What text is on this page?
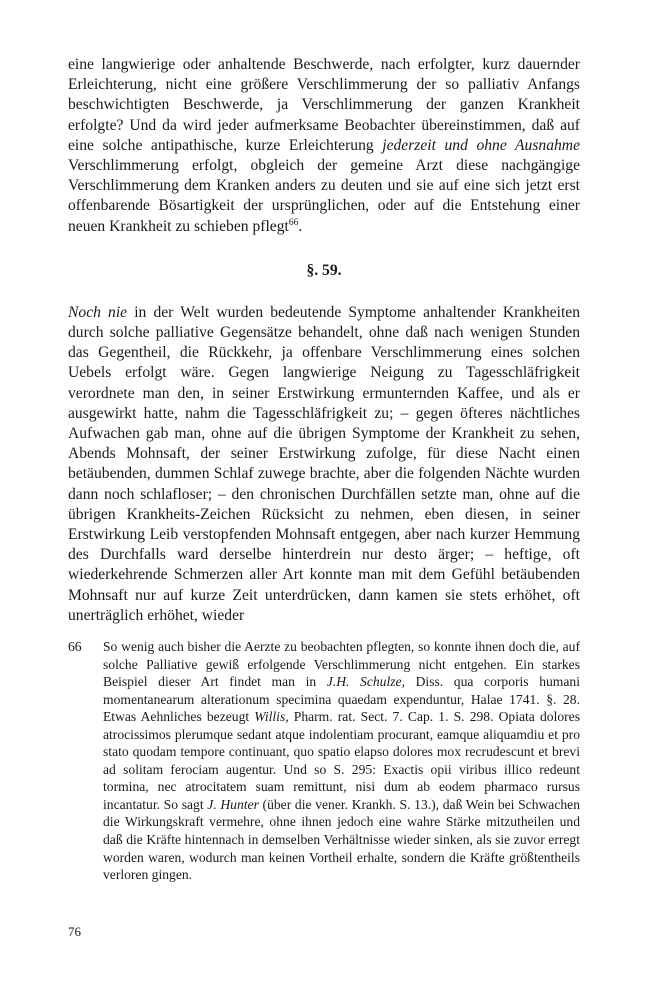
eine langwierige oder anhaltende Beschwerde, nach erfolgter, kurz dauernder Erleichterung, nicht eine größere Verschlimmerung der so palliativ Anfangs beschwichtigten Beschwerde, ja Verschlimmerung der ganzen Krankheit erfolgte? Und da wird jeder aufmerksame Beobachter übereinstimmen, daß auf eine solche antipathische, kurze Erleichterung jederzeit und ohne Ausnahme Verschlimmerung erfolgt, obgleich der gemeine Arzt diese nachgängige Verschlimmerung dem Kranken anders zu deuten und sie auf eine sich jetzt erst offenbarende Bösartigkeit der ursprünglichen, oder auf die Entstehung einer neuen Krankheit zu schieben pflegt$^{66}$.

§. 59.

Noch nie in der Welt wurden bedeutende Symptome anhaltender Krankheiten durch solche palliative Gegensätze behandelt, ohne daß nach wenigen Stunden das Gegentheil, die Rückkehr, ja offenbare Verschlimmerung eines solchen Uebels erfolgt wäre. Gegen langwierige Neigung zu Tagesschläfrigkeit verordnete man den, in seiner Erstwirkung ermunternden Kaffee, und als er ausgewirkt hatte, nahm die Tagesschläfrigkeit zu; – gegen öfteres nächtliches Aufwachen gab man, ohne auf die übrigen Symptome der Krankheit zu sehen, Abends Mohnsaft, der seiner Erstwirkung zufolge, für diese Nacht einen betäubenden, dummen Schlaf zuwege brachte, aber die folgenden Nächte wurden dann noch schlafloser; – den chronischen Durchfällen setzte man, ohne auf die übrigen Krankheits-Zeichen Rücksicht zu nehmen, eben diesen, in seiner Erstwirkung Leib verstopfenden Mohnsaft entgegen, aber nach kurzer Hemmung des Durchfalls ward derselbe hinterdrein nur desto ärger; – heftige, oft wiederkehrende Schmerzen aller Art konnte man mit dem Gefühl betäubenden Mohnsaft nur auf kurze Zeit unterdrücken, dann kamen sie stets erhöhet, oft unerträglich erhöhet, wieder

66	So wenig auch bisher die Aerzte zu beobachten pflegten, so konnte ihnen doch die, auf solche Palliative gewiß erfolgende Verschlimmerung nicht entgehen. Ein starkes Beispiel dieser Art findet man in J.H. Schulze, Diss. qua corporis humani momentanearum alterationum specimina quaedam expenduntur, Halae 1741. §. 28. Etwas Aehnliches bezeugt Willis, Pharm. rat. Sect. 7. Cap. 1. S. 298. Opiata dolores atrocissimos plerumque sedant atque indolentiam procurant, eamque aliquamdiu et pro stato quodam tempore continuant, quo spatio elapso dolores mox recrudescunt et brevi ad solitam ferociam augentur. Und so S. 295: Exactis opii viribus illico redeunt tormina, nec atrocitatem suam remittunt, nisi dum ab eodem pharmaco rursus incantatur. So sagt J. Hunter (über die vener. Krankh. S. 13.), daß Wein bei Schwachen die Wirkungskraft vermehre, ohne ihnen jedoch eine wahre Stärke mitzutheilen und daß die Kräfte hintennach in demselben Verhältnisse wieder sinken, als sie zuvor erregt worden waren, wodurch man keinen Vortheil erhalte, sondern die Kräfte größtentheils verloren gingen.
76
